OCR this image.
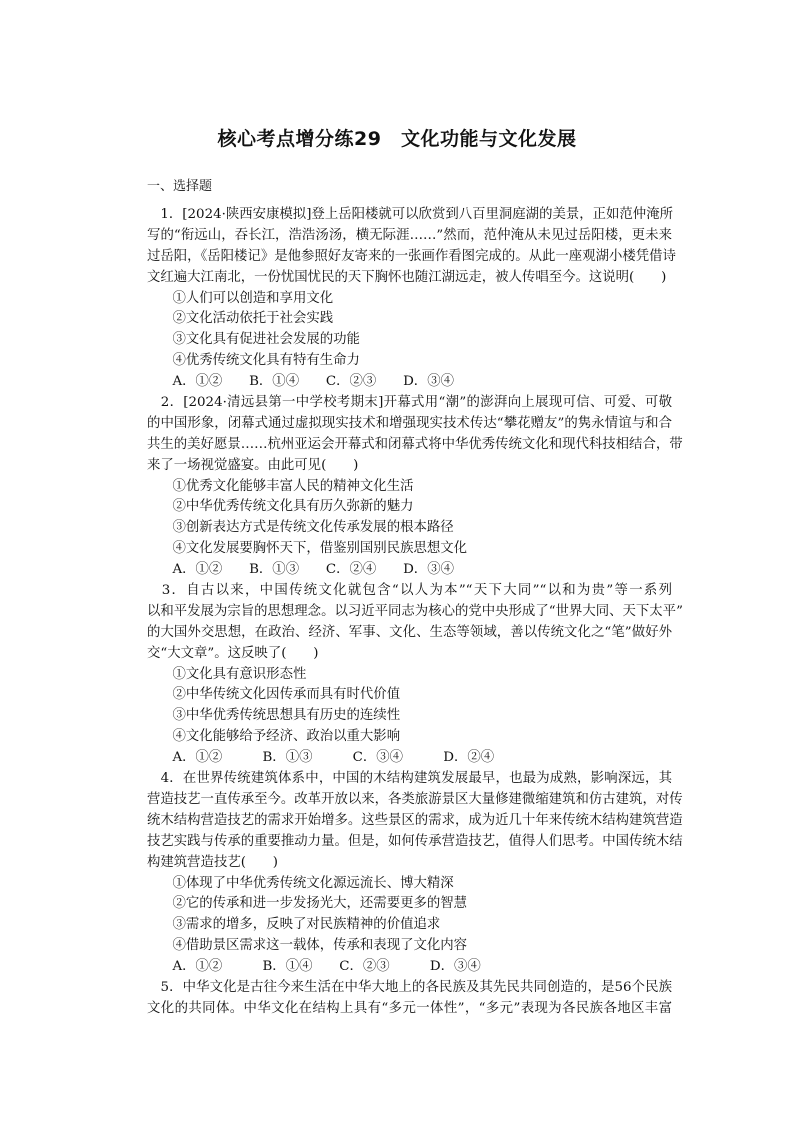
核心考点增分练29　文化功能与文化发展
一、选择题
　1．[2024·陕西安康模拟]登上岳阳楼就可以欣赏到八百里洞庭湖的美景，正如范仲淹所
写的“衔远山，吞长江，浩浩汤汤，横无际涯……”然而，范仲淹从未见过岳阳楼，更未来
过岳阳，《岳阳楼记》是他参照好友寄来的一张画作看图完成的。从此一座观湖小楼凭借诗
文红遍大江南北，一份忧国忧民的天下胸怀也随江湖远走，被人传唱至今。这说明(　　)
①人们可以创造和享用文化
②文化活动依托于社会实践
③文化具有促进社会发展的功能
④优秀传统文化具有特有生命力
A．①②　　B．①④　　C．②③　　D．③④
　2．[2024·清远县第一中学校考期末]开幕式用“潮”的澎湃向上展现可信、可爱、可敬
的中国形象，闭幕式通过虚拟现实技术和增强现实技术传达“攀花赠友”的隽永情谊与和合
共生的美好愿景……杭州亚运会开幕式和闭幕式将中华优秀传统文化和现代科技相结合，带
来了一场视觉盛宴。由此可见(　　)
①优秀文化能够丰富人民的精神文化生活
②中华优秀传统文化具有历久弥新的魅力
③创新表达方式是传统文化传承发展的根本路径
④文化发展要胸怀天下，借鉴别国别民族思想文化
A．①②　　B．①③　　C．②④　　D．③④
　3．自古以来，中国传统文化就包含“以人为本”“天下大同”“以和为贵”等一系列
以和平发展为宗旨的思想理念。以习近平同志为核心的党中央形成了“世界大同、天下太平”
的大国外交思想，在政治、经济、军事、文化、生态等领域，善以传统文化之“笔”做好外
交“大文章”。这反映了(　　)
①文化具有意识形态性
②中华传统文化因传承而具有时代价值
③中华优秀传统思想具有历史的连续性
④文化能够给予经济、政治以重大影响
A．①②　　　B．①③　　　C．③④　　　D．②④
　4．在世界传统建筑体系中，中国的木结构建筑发展最早，也最为成熟，影响深远，其
营造技艺一直传承至今。改革开放以来，各类旅游景区大量修建微缩建筑和仿古建筑，对传
统木结构营造技艺的需求开始增多。这些景区的需求，成为近几十年来传统木结构建筑营造
技艺实践与传承的重要推动力量。但是，如何传承营造技艺，值得人们思考。中国传统木结
构建筑营造技艺(　　)
①体现了中华优秀传统文化源远流长、博大精深
②它的传承和进一步发扬光大，还需要更多的智慧
③需求的增多，反映了对民族精神的价值追求
④借助景区需求这一载体，传承和表现了文化内容
A．①②　　　B．①④　　C．②③　　　D．③④
　5．中华文化是古往今来生活在中华大地上的各民族及其先民共同创造的，是56个民族
文化的共同体。中华文化在结构上具有“多元一体性”，“多元”表现为各民族各地区丰富
